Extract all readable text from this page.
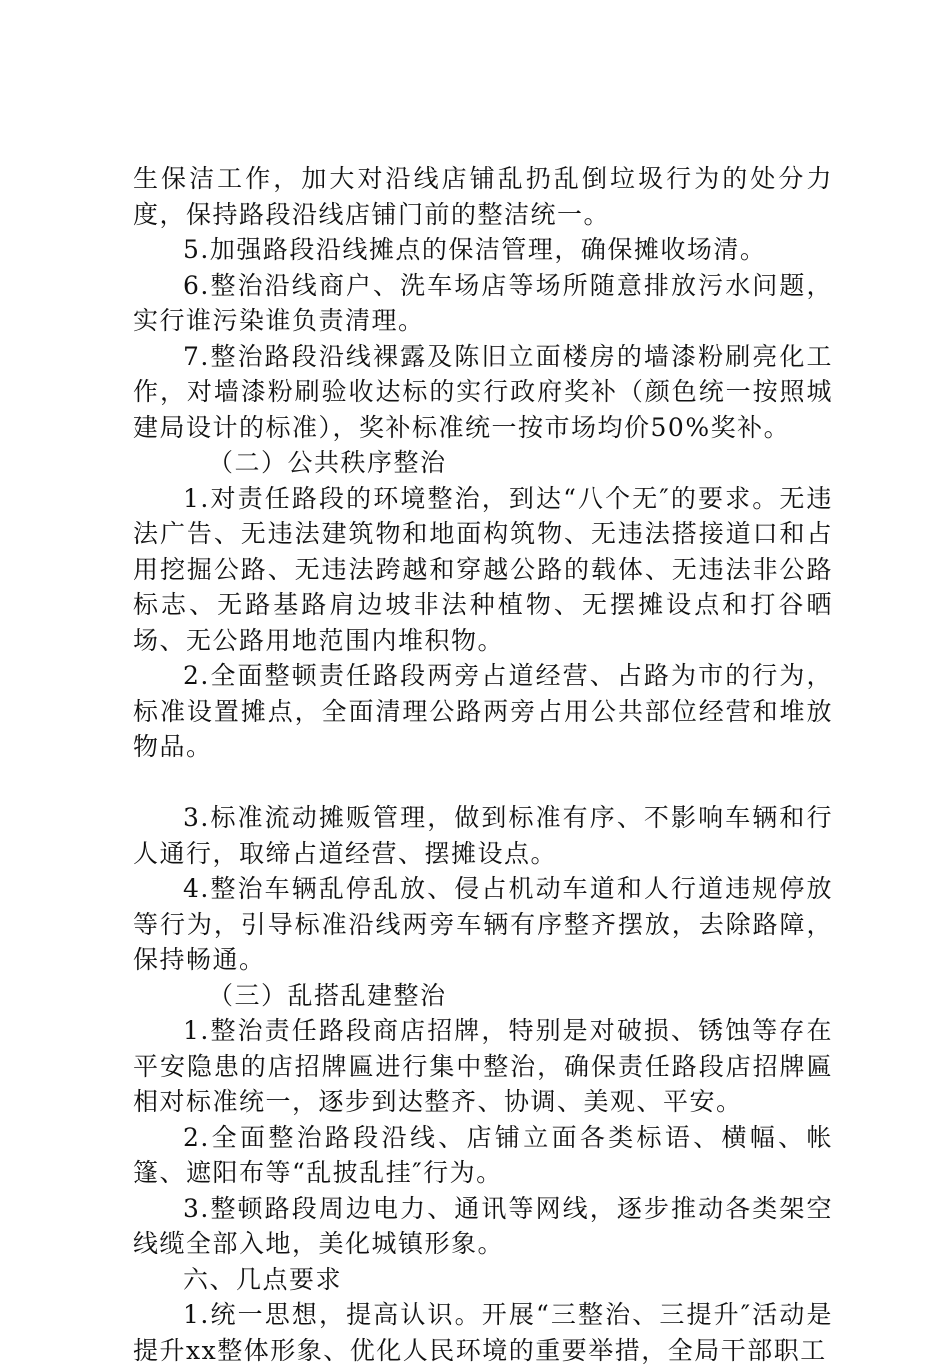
生保洁工作，加大对沿线店铺乱扔乱倒垃圾行为的处分力度，保持路段沿线店铺门前的整洁统一。

5.加强路段沿线摊点的保洁管理，确保摊收场清。

6.整治沿线商户、洗车场店等场所随意排放污水问题，实行谁污染谁负责清理。

7.整治路段沿线裸露及陈旧立面楼房的墙漆粉刷亮化工作，对墙漆粉刷验收达标的实行政府奖补（颜色统一按照城建局设计的标准），奖补标准统一按市场均价50%奖补。

（二）公共秩序整治

1.对责任路段的环境整治，到达“八个无″的要求。无违法广告、无违法建筑物和地面构筑物、无违法搭接道口和占用挖掘公路、无违法跨越和穿越公路的载体、无违法非公路标志、无路基路肩边坡非法种植物、无摆摊设点和打谷晒场、无公路用地范围内堆积物。

2.全面整顿责任路段两旁占道经营、占路为市的行为，标准设置摊点，全面清理公路两旁占用公共部位经营和堆放物品。

3.标准流动摊贩管理，做到标准有序、不影响车辆和行人通行，取缔占道经营、摆摊设点。

4.整治车辆乱停乱放、侵占机动车道和人行道违规停放等行为，引导标准沿线两旁车辆有序整齐摆放，去除路障，保持畅通。

（三）乱搭乱建整治

1.整治责任路段商店招牌，特别是对破损、锈蚀等存在平安隐患的店招牌匾进行集中整治，确保责任路段店招牌匾相对标准统一，逐步到达整齐、协调、美观、平安。

2.全面整治路段沿线、店铺立面各类标语、横幅、帐篷、遮阳布等“乱披乱挂″行为。

3.整顿路段周边电力、通讯等网线，逐步推动各类架空线缆全部入地，美化城镇形象。

六、几点要求

1.统一思想，提高认识。开展“三整治、三提升″活动是提升xx整体形象、优化人民环境的重要举措，全局干部职工
